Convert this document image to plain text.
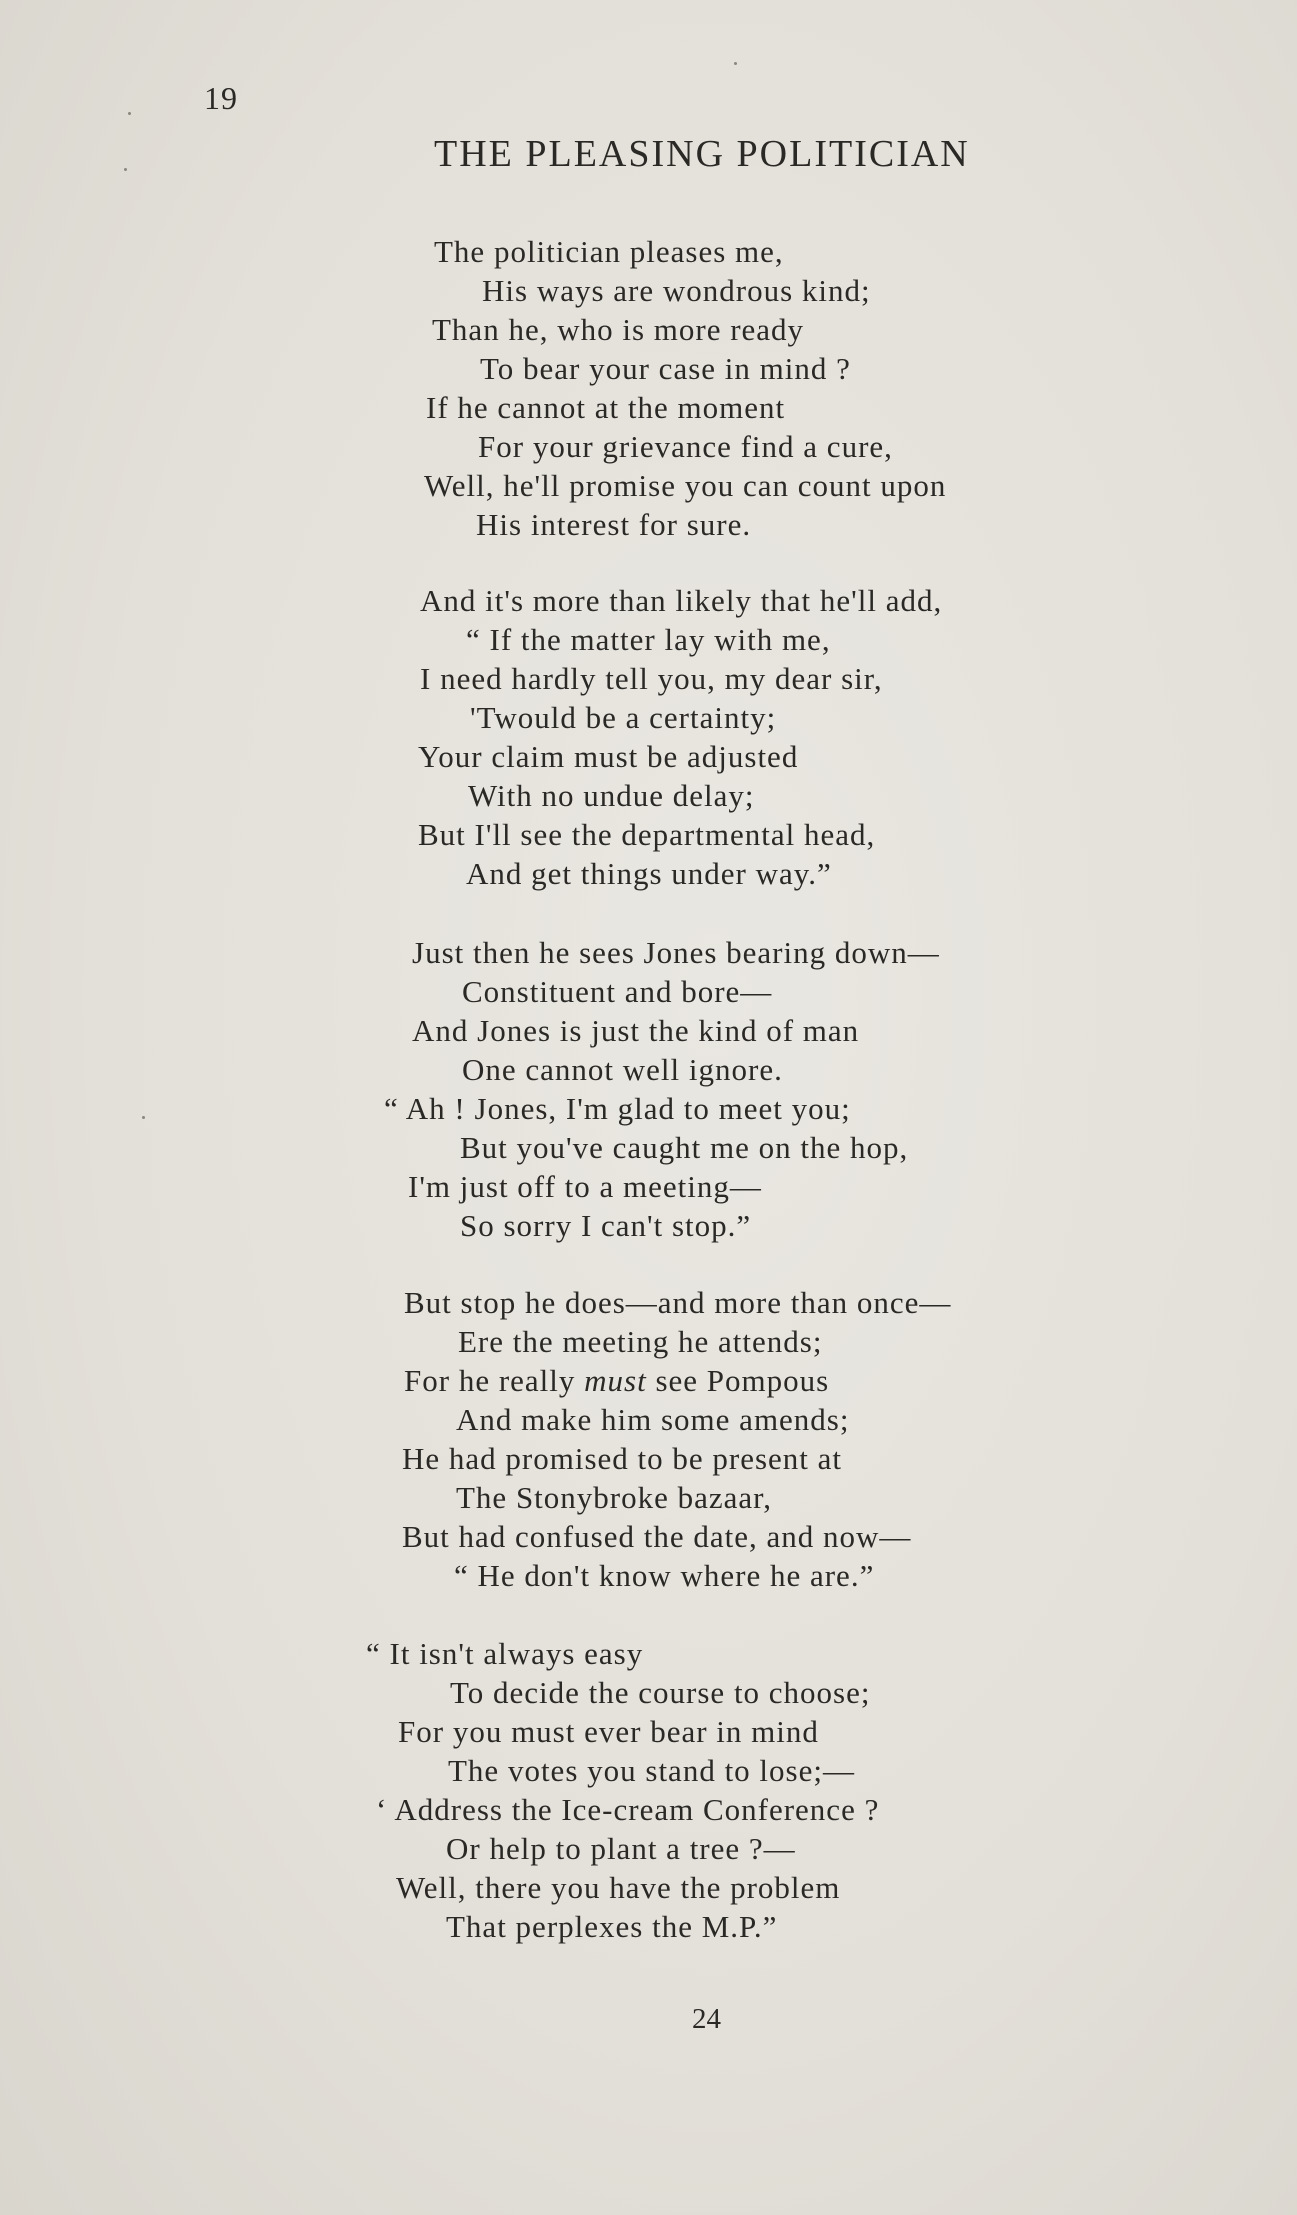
19
THE PLEASING POLITICIAN
The politician pleases me,
His ways are wondrous kind;
Than he, who is more ready
To bear your case in mind ?
If he cannot at the moment
For your grievance find a cure,
Well, he'll promise you can count upon
His interest for sure.
And it's more than likely that he'll add,
“ If the matter lay with me,
I need hardly tell you, my dear sir,
'Twould be a certainty;
Your claim must be adjusted
With no undue delay;
But I'll see the departmental head,
And get things under way.”
Just then he sees Jones bearing down—
Constituent and bore—
And Jones is just the kind of man
One cannot well ignore.
“ Ah ! Jones, I'm glad to meet you;
But you've caught me on the hop,
I'm just off to a meeting—
So sorry I can't stop.”
But stop he does—and more than once—
Ere the meeting he attends;
For he really must see Pompous
And make him some amends;
He had promised to be present at
The Stonybroke bazaar,
But had confused the date, and now—
“ He don't know where he are.”
“ It isn't always easy
To decide the course to choose;
For you must ever bear in mind
The votes you stand to lose;—
‘ Address the Ice-cream Conference ?
Or help to plant a tree ?—
Well, there you have the problem
That perplexes the M.P.”
24
